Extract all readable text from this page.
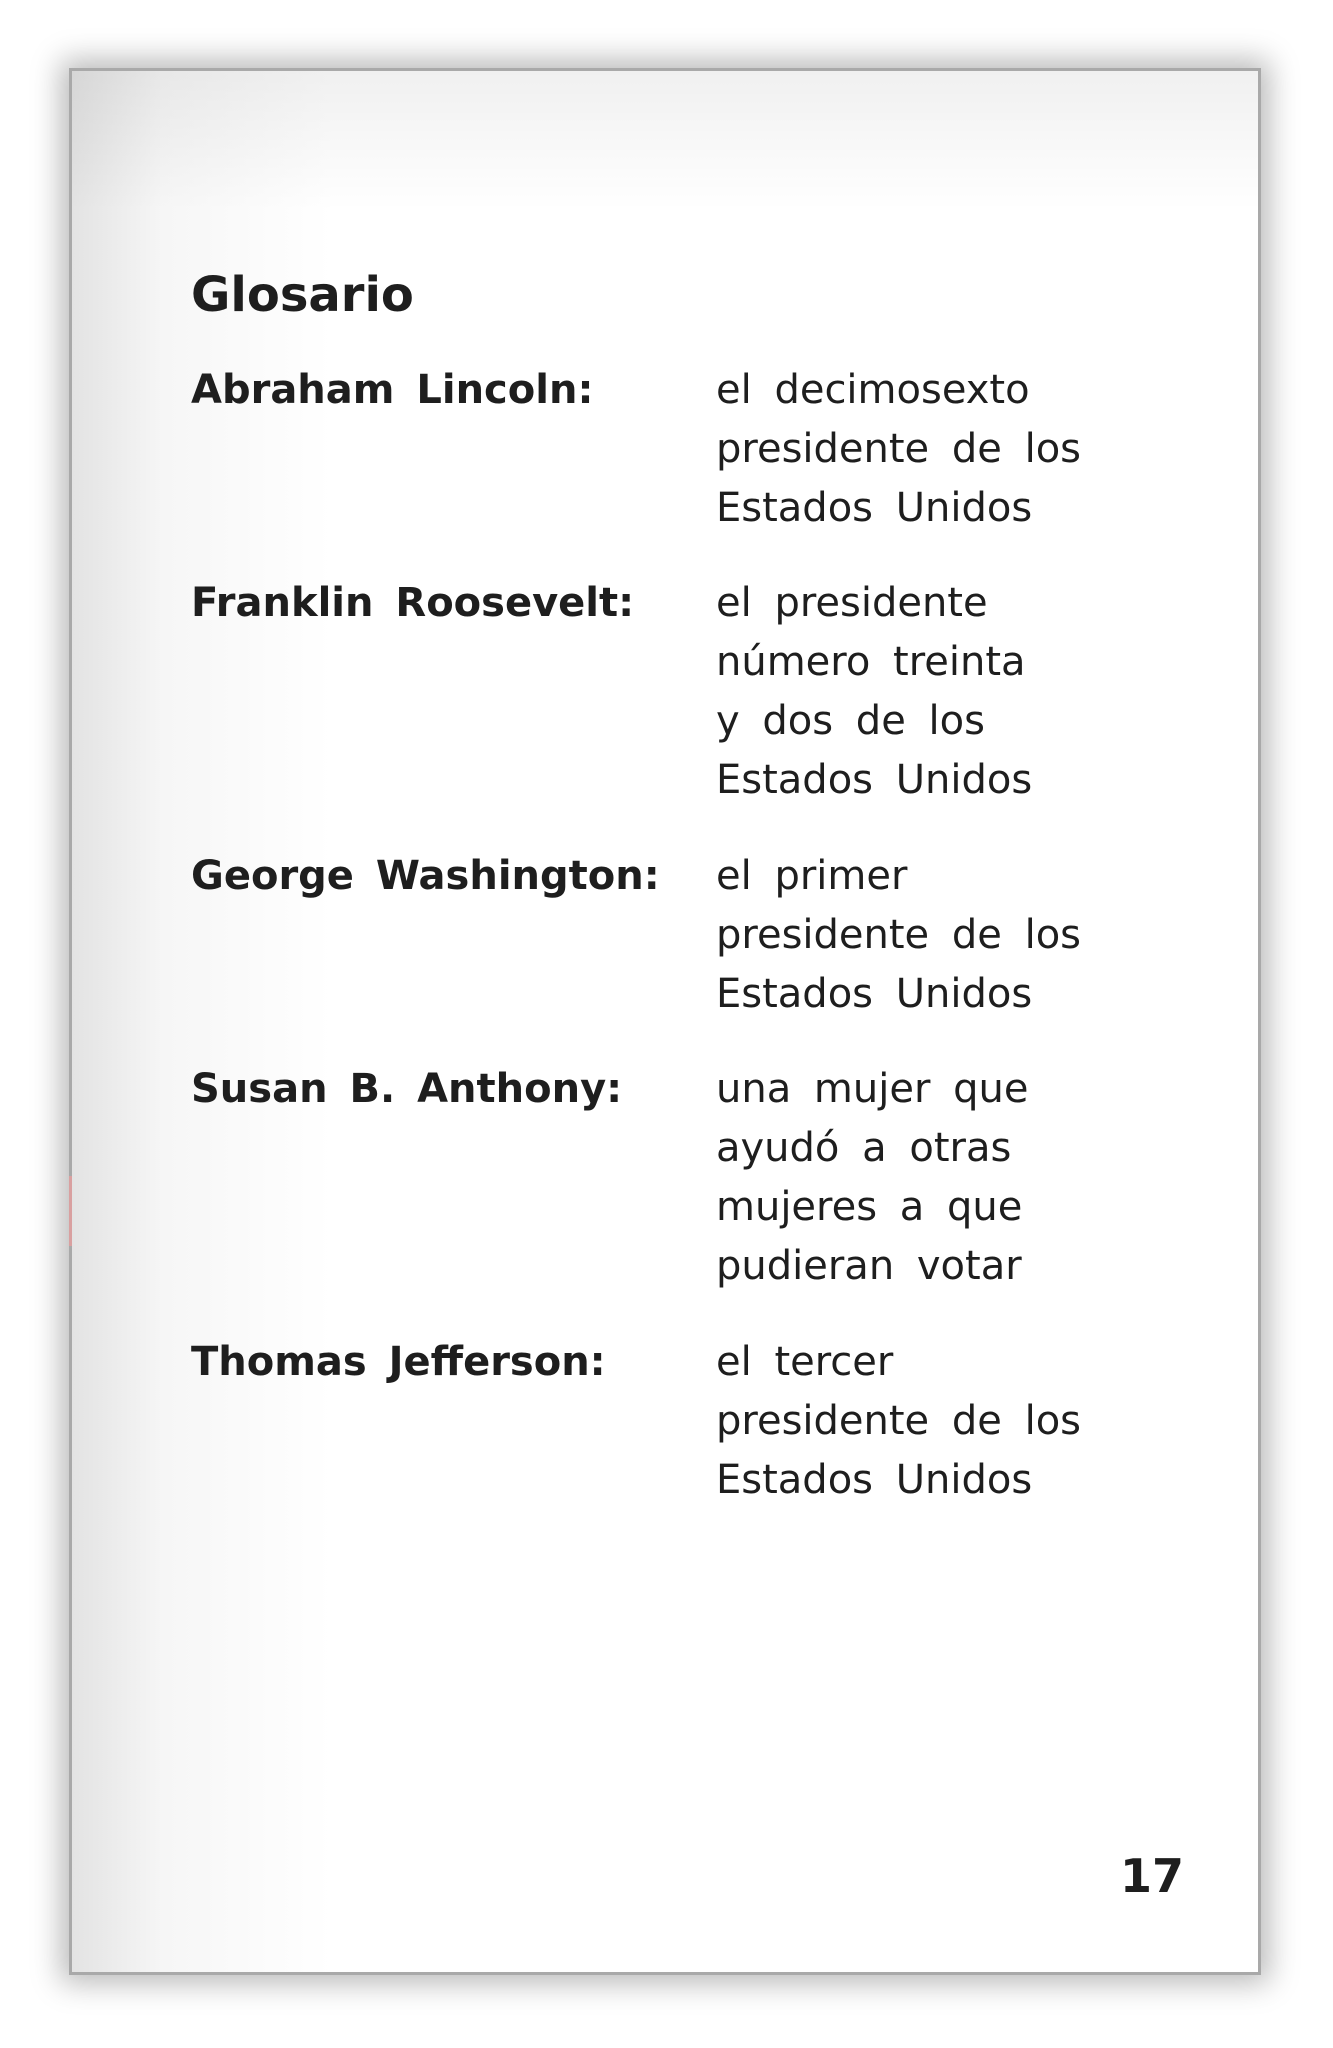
Glosario
Abraham Lincoln:	el decimosexto
presidente de los
Estados Unidos
Franklin Roosevelt: el presidente
número treinta
y dos de los
Estados Unidos
George Washington: el primer
presidente de los
Estados Unidos
Susan B. Anthony: una mujer que
ayudó a otras
mujeres a que
pudieran votar
Thomas Jefferson:	el tercer
presidente de los
Estados Unidos
17
